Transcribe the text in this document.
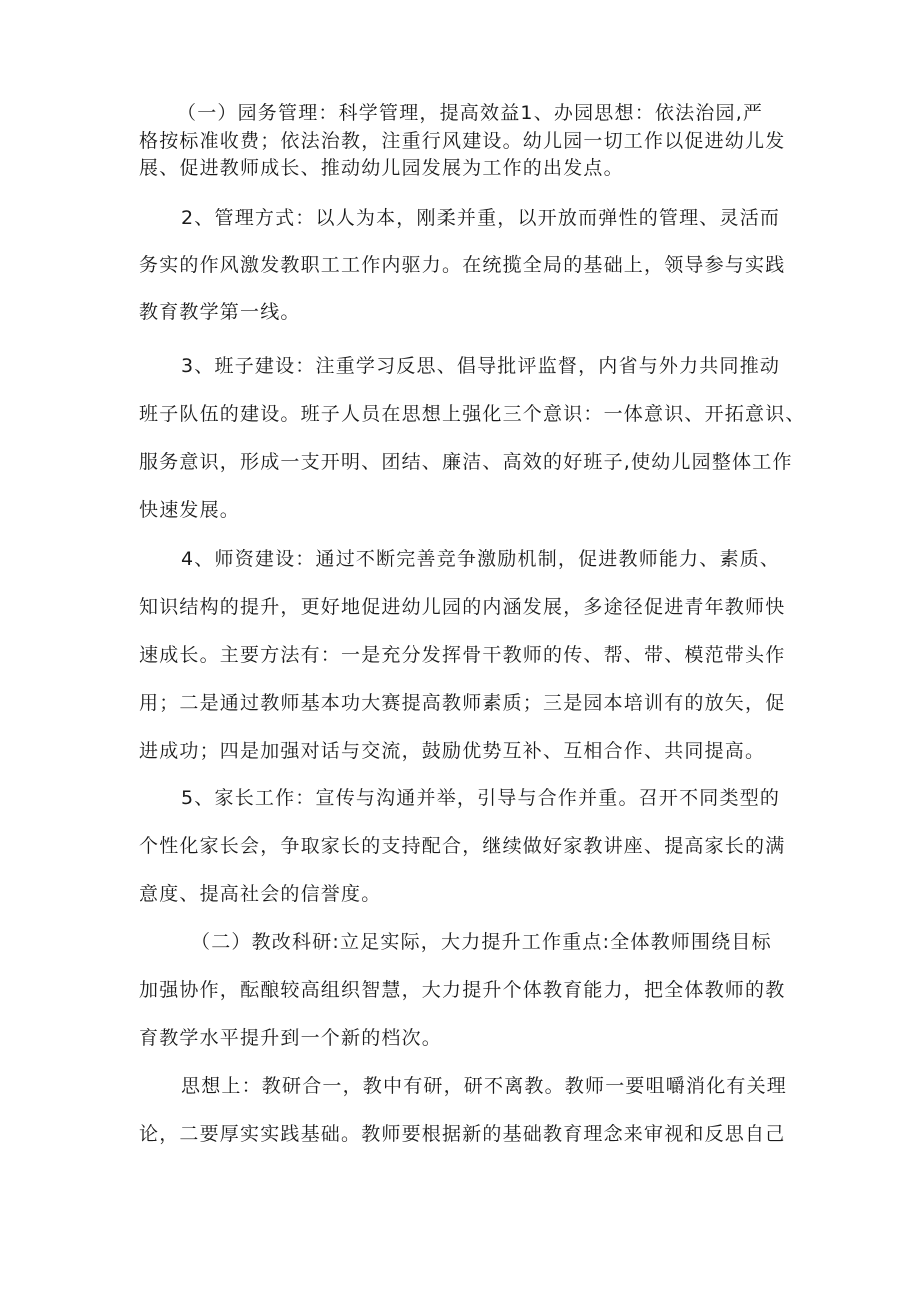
（一）园务管理：科学管理，提高效益1、办园思想：依法治园,严

格按标准收费；依法治教，注重行风建设。幼儿园一切工作以促进幼儿发

展、促进教师成长、推动幼儿园发展为工作的出发点。

2、管理方式：以人为本，刚柔并重，以开放而弹性的管理、灵活而

务实的作风激发教职工工作内驱力。在统揽全局的基础上，领导参与实践

教育教学第一线。

3、班子建设：注重学习反思、倡导批评监督，内省与外力共同推动

班子队伍的建设。班子人员在思想上强化三个意识：一体意识、开拓意识、

服务意识，形成一支开明、团结、廉洁、高效的好班子,使幼儿园整体工作

快速发展。

4、师资建设：通过不断完善竞争激励机制，促进教师能力、素质、

知识结构的提升，更好地促进幼儿园的内涵发展，多途径促进青年教师快

速成长。主要方法有：一是充分发挥骨干教师的传、帮、带、模范带头作

用；二是通过教师基本功大赛提高教师素质；三是园本培训有的放矢，促

进成功；四是加强对话与交流，鼓励优势互补、互相合作、共同提高。

5、家长工作：宣传与沟通并举，引导与合作并重。召开不同类型的

个性化家长会，争取家长的支持配合，继续做好家教讲座、提高家长的满

意度、提高社会的信誉度。

（二）教改科研:立足实际，大力提升工作重点:全体教师围绕目标

加强协作，酝酿较高组织智慧，大力提升个体教育能力，把全体教师的教

育教学水平提升到一个新的档次。

思想上：教研合一，教中有研，研不离教。教师一要咀嚼消化有关理

论，二要厚实实践基础。教师要根据新的基础教育理念来审视和反思自己
